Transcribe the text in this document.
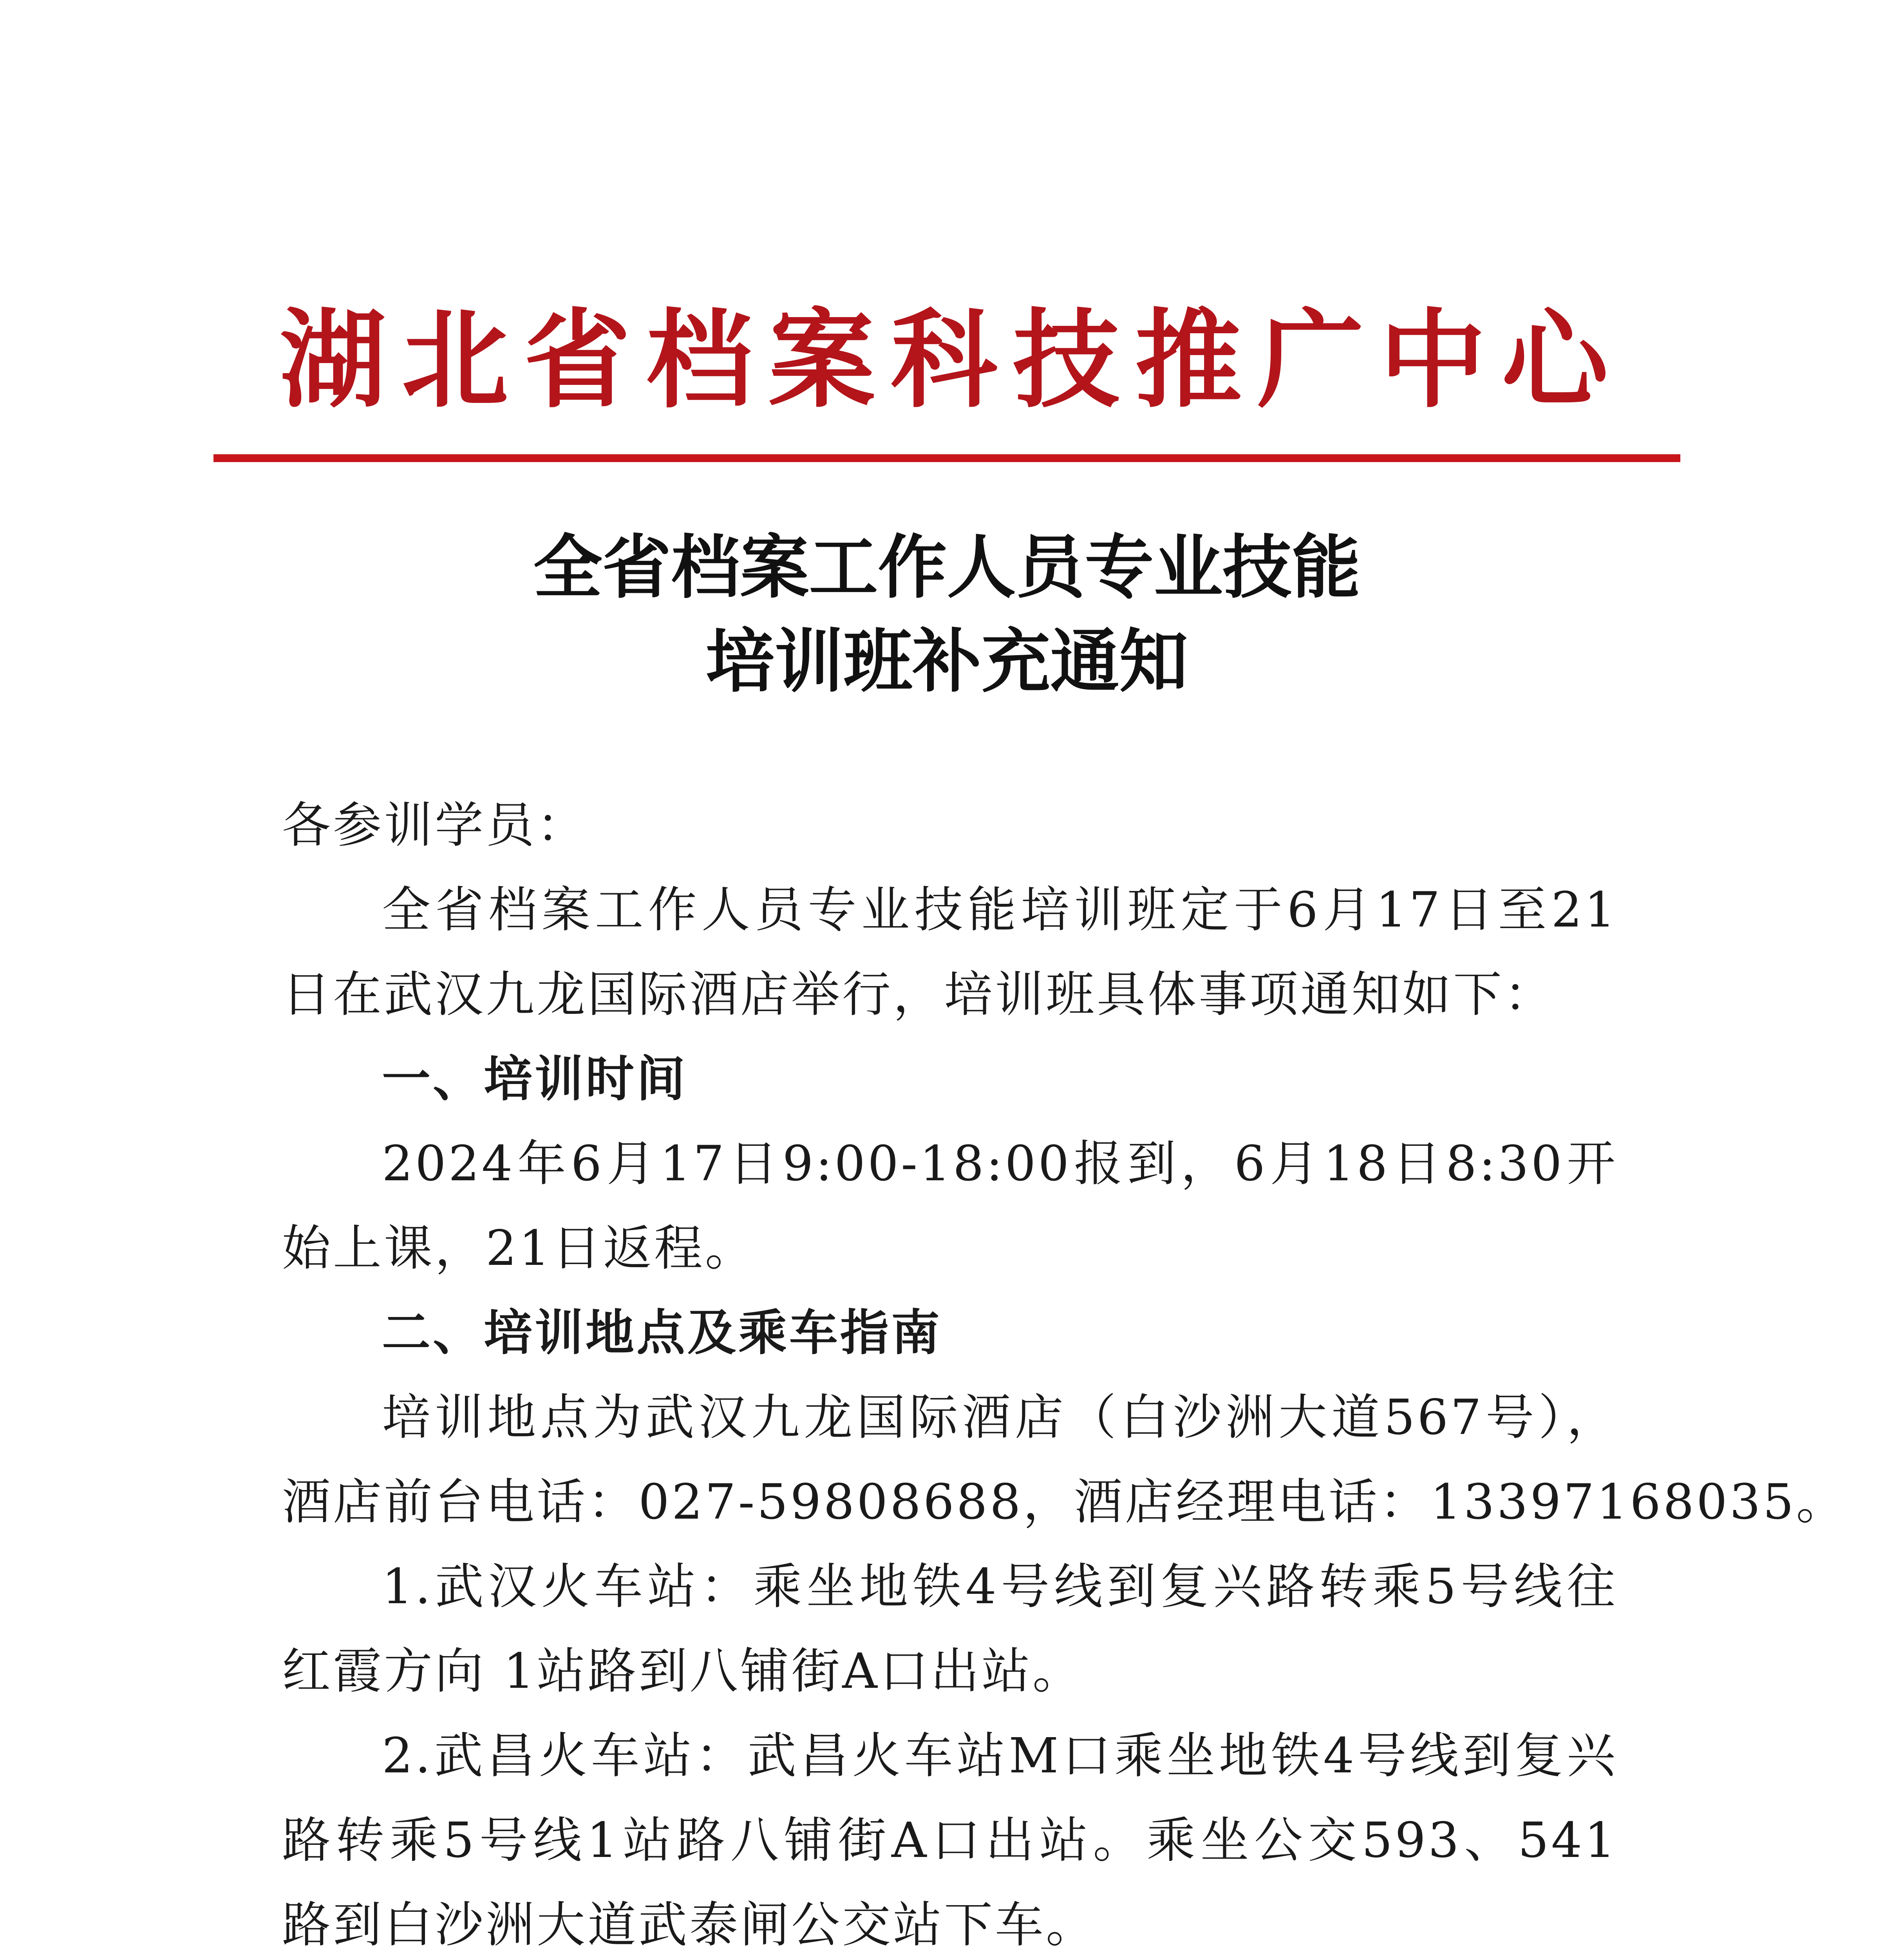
湖北省档案科技推广中心
全省档案工作人员专业技能
培训班补充通知
各参训学员：
全省档案工作人员专业技能培训班定于6月17日至21
日在武汉九龙国际酒店举行，培训班具体事项通知如下：
一、培训时间
2024年6月17日9:00-18:00报到，6月18日8:30开
始上课，21日返程。
二、培训地点及乘车指南
培训地点为武汉九龙国际酒店（白沙洲大道567号），
酒店前台电话：027-59808688，酒店经理电话：13397168035。
1.武汉火车站：乘坐地铁4号线到复兴路转乘5号线往
红霞方向 1站路到八铺街A口出站。
2.武昌火车站：武昌火车站M口乘坐地铁4号线到复兴
路转乘5号线1站路八铺街A口出站。乘坐公交593、541
路到白沙洲大道武泰闸公交站下车。
